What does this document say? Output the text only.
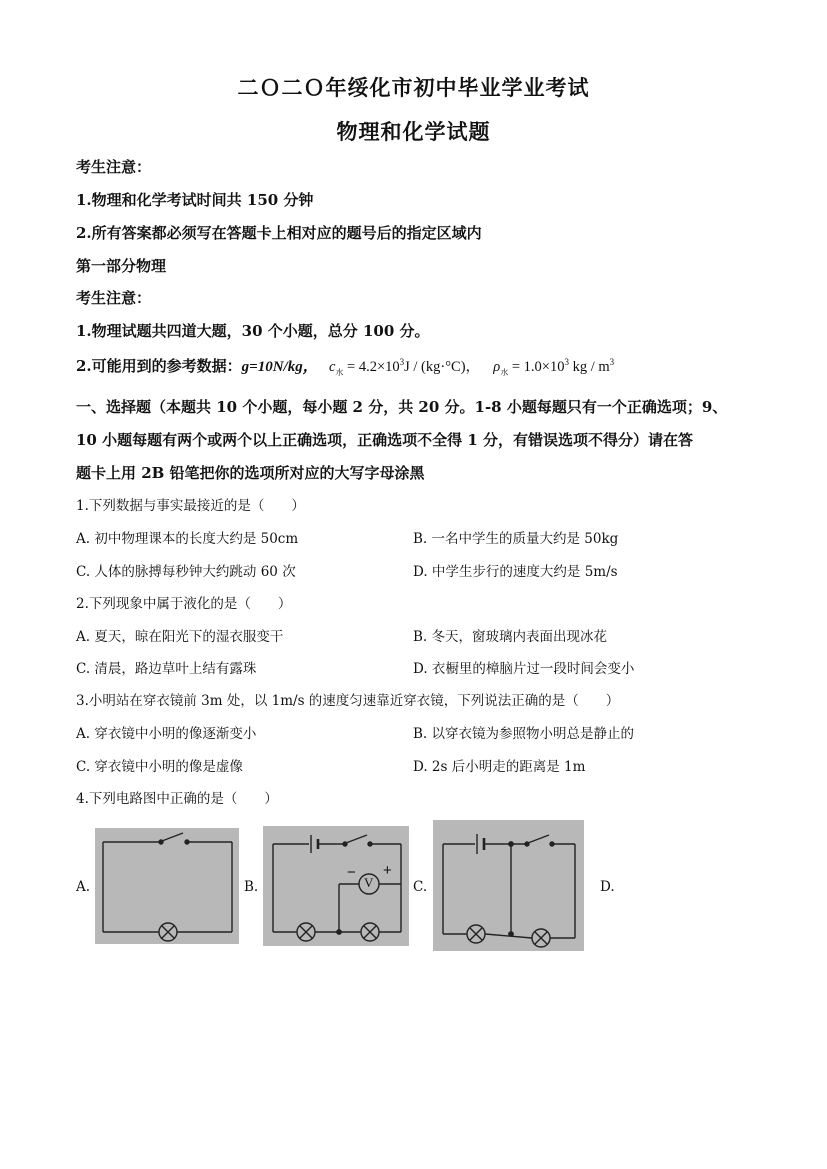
二Ｏ二Ｏ年绥化市初中毕业学业考试
物理和化学试题
考生注意：
1.物理和化学考试时间共 150 分钟
2.所有答案都必须写在答题卡上相对应的题号后的指定区域内
第一部分物理
考生注意：
1.物理试题共四道大题，30 个小题，总分 100 分。
2.可能用到的参考数据：g=10N/kg， $c_水 = 4.2\times 10^3J / (kg\cdot^\circ C)$， $\rho_水 = 1.0\times 10^3$ kg / $m^3$
一、选择题（本题共 10 个小题，每小题 2 分，共 20 分。1-8 小题每题只有一个正确选项；9、
10 小题每题有两个或两个以上正确选项，正确选项不全得 1 分，有错误选项不得分）请在答
题卡上用 2B 铅笔把你的选项所对应的大写字母涂黑
1.下列数据与事实最接近的是（　　）
A. 初中物理课本的长度大约是 50cm	B. 一名中学生的质量大约是 50kg
C. 人体的脉搏每秒钟大约跳动 60 次	D. 中学生步行的速度大约是 5m/s
2.下列现象中属于液化的是（　　）
A. 夏天，晾在阳光下的湿衣服变干	B. 冬天，窗玻璃内表面出现冰花
C. 清晨，路边草叶上结有露珠	D. 衣橱里的樟脑片过一段时间会变小
3.小明站在穿衣镜前 3m 处，以 1m/s 的速度匀速靠近穿衣镜，下列说法正确的是（　　）
A. 穿衣镜中小明的像逐渐变小	B. 以穿衣镜为参照物小明总是静止的
C. 穿衣镜中小明的像是虚像	D. 2s 后小明走的距离是 1m
4.下列电路图中正确的是（　　）
A.	B.	C.	D.
V
− +
